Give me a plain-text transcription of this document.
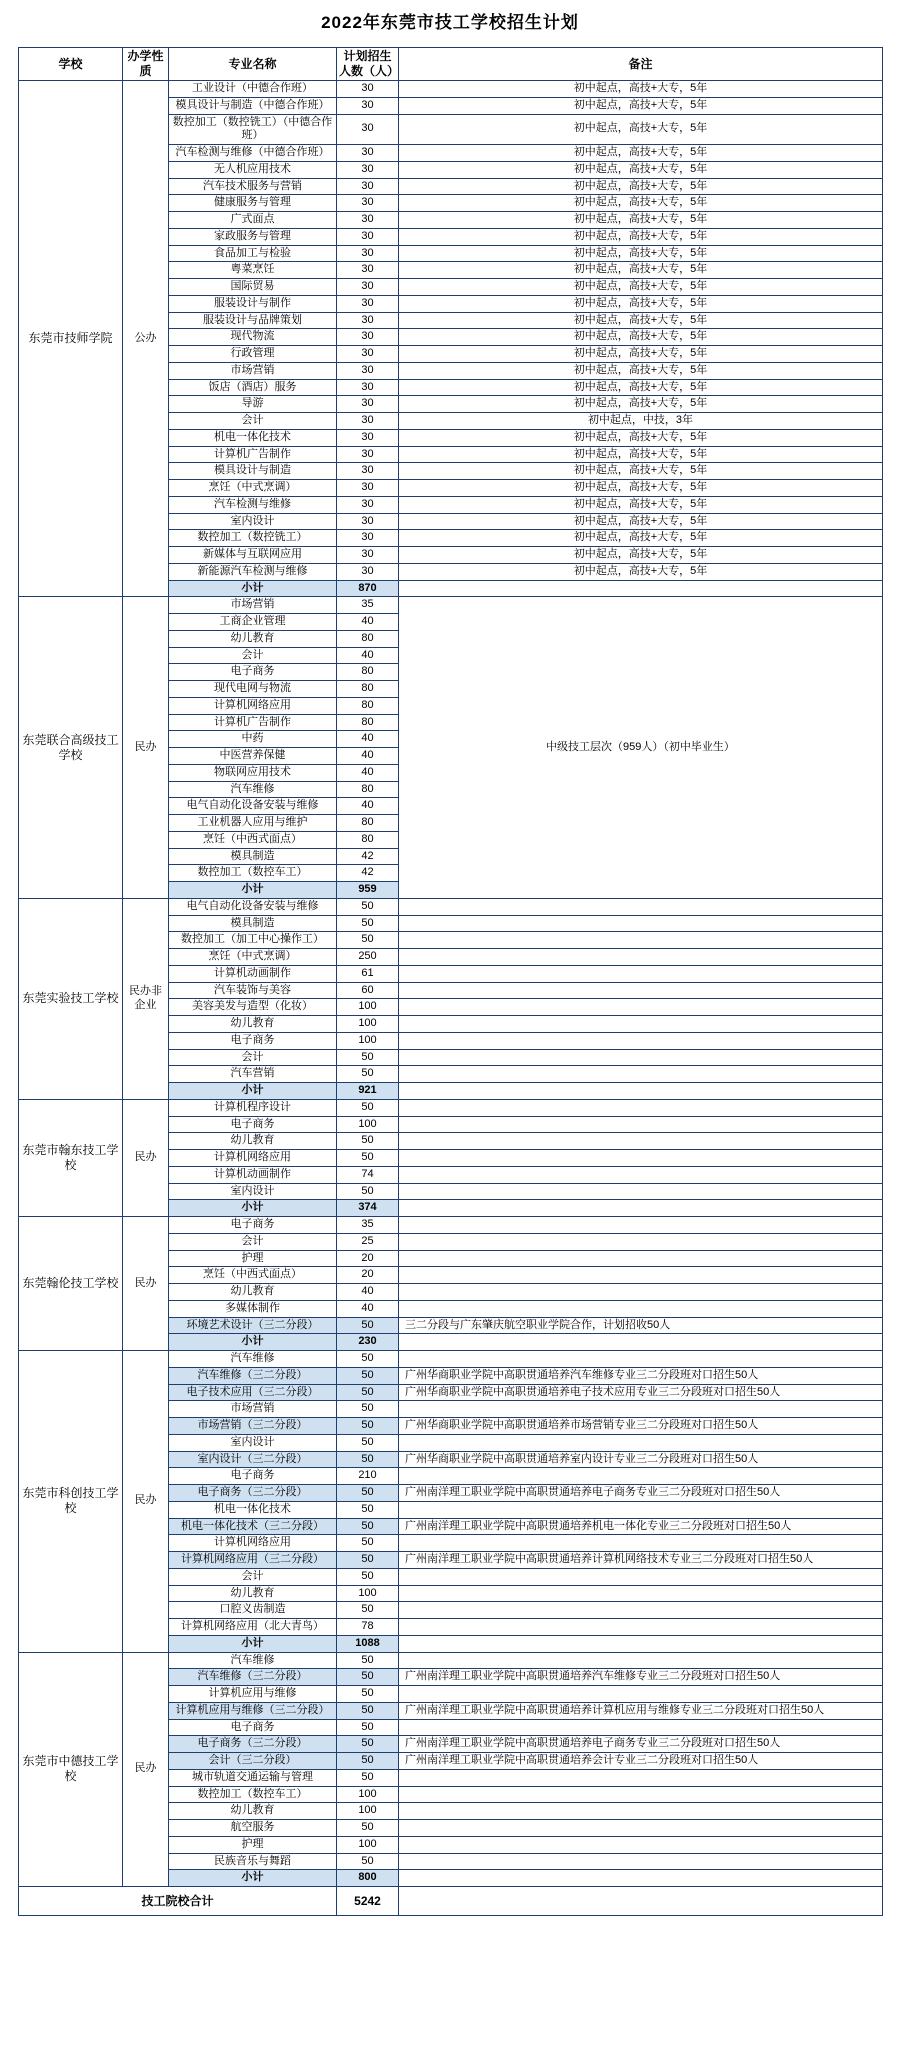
2022年东莞市技工学校招生计划
学校	办学性质	专业名称	计划招生人数（人）	备注
东莞市技师学院	公办	工业设计（中德合作班）	30	初中起点，高技+大专，5年
		模具设计与制造（中德合作班）	30	初中起点，高技+大专，5年
		数控加工（数控铣工）（中德合作班）	30	初中起点，高技+大专，5年
		汽车检测与维修（中德合作班）	30	初中起点，高技+大专，5年
		无人机应用技术	30	初中起点，高技+大专，5年
		汽车技术服务与营销	30	初中起点，高技+大专，5年
		健康服务与管理	30	初中起点，高技+大专，5年
		广式面点	30	初中起点，高技+大专，5年
		家政服务与管理	30	初中起点，高技+大专，5年
		食品加工与检验	30	初中起点，高技+大专，5年
		粤菜烹饪	30	初中起点，高技+大专，5年
		国际贸易	30	初中起点，高技+大专，5年
		服装设计与制作	30	初中起点，高技+大专，5年
		服装设计与品牌策划	30	初中起点，高技+大专，5年
		现代物流	30	初中起点，高技+大专，5年
		行政管理	30	初中起点，高技+大专，5年
		市场营销	30	初中起点，高技+大专，5年
		饭店（酒店）服务	30	初中起点，高技+大专，5年
		导游	30	初中起点，高技+大专，5年
		会计	30	初中起点，中技，3年
		机电一体化技术	30	初中起点，高技+大专，5年
		计算机广告制作	30	初中起点，高技+大专，5年
		模具设计与制造	30	初中起点，高技+大专，5年
		烹饪（中式烹调）	30	初中起点，高技+大专，5年
		汽车检测与维修	30	初中起点，高技+大专，5年
		室内设计	30	初中起点，高技+大专，5年
		数控加工（数控铣工）	30	初中起点，高技+大专，5年
		新媒体与互联网应用	30	初中起点，高技+大专，5年
		新能源汽车检测与维修	30	初中起点，高技+大专，5年
		小计	870	
东莞联合高级技工学校	民办	市场营销	35	中级技工层次（959人）（初中毕业生）
		工商企业管理	40	
		幼儿教育	80	
		会计	40	
		电子商务	80	
		现代电网与物流	80	
		计算机网络应用	80	
		计算机广告制作	80	
		中药	40	
		中医营养保健	40	
		物联网应用技术	40	
		汽车维修	80	
		电气自动化设备安装与维修	40	
		工业机器人应用与维护	80	
		烹饪（中西式面点）	80	
		模具制造	42	
		数控加工（数控车工）	42	
		小计	959	
东莞实验技工学校	民办非企业	电气自动化设备安装与维修	50	
		模具制造	50	
		数控加工（加工中心操作工）	50	
		烹饪（中式烹调）	250	
		计算机动画制作	61	
		汽车装饰与美容	60	
		美容美发与造型（化妆）	100	
		幼儿教育	100	
		电子商务	100	
		会计	50	
		汽车营销	50	
		小计	921	
东莞市翰东技工学校	民办	计算机程序设计	50	
		电子商务	100	
		幼儿教育	50	
		计算机网络应用	50	
		计算机动画制作	74	
		室内设计	50	
		小计	374	
东莞翰伦技工学校	民办	电子商务	35	
		会计	25	
		护理	20	
		烹饪（中西式面点）	20	
		幼儿教育	40	
		多媒体制作	40	
		环境艺术设计（三二分段）	50	三二分段与广东肇庆航空职业学院合作，计划招收50人
		小计	230	
东莞市科创技工学校	民办	汽车维修	50	
		汽车维修（三二分段）	50	广州华商职业学院中高职贯通培养汽车维修专业三二分段班对口招生50人
		电子技术应用（三二分段）	50	广州华商职业学院中高职贯通培养电子技术应用专业三二分段班对口招生50人
		市场营销	50	
		市场营销（三二分段）	50	广州华商职业学院中高职贯通培养市场营销专业三二分段班对口招生50人
		室内设计	50	
		室内设计（三二分段）	50	广州华商职业学院中高职贯通培养室内设计专业三二分段班对口招生50人
		电子商务	210	
		电子商务（三二分段）	50	广州南洋理工职业学院中高职贯通培养电子商务专业三二分段班对口招生50人
		机电一体化技术	50	
		机电一体化技术（三二分段）	50	广州南洋理工职业学院中高职贯通培养机电一体化专业三二分段班对口招生50人
		计算机网络应用	50	
		计算机网络应用（三二分段）	50	广州南洋理工职业学院中高职贯通培养计算机网络技术专业三二分段班对口招生50人
		会计	50	
		幼儿教育	100	
		口腔义齿制造	50	
		计算机网络应用（北大青鸟）	78	
		小计	1088	
东莞市中德技工学校	民办	汽车维修	50	
		汽车维修（三二分段）	50	广州南洋理工职业学院中高职贯通培养汽车维修专业三二分段班对口招生50人
		计算机应用与维修	50	
		计算机应用与维修（三二分段）	50	广州南洋理工职业学院中高职贯通培养计算机应用与维修专业三二分段班对口招生50人
		电子商务	50	
		电子商务（三二分段）	50	广州南洋理工职业学院中高职贯通培养电子商务专业三二分段班对口招生50人
		会计（三二分段）	50	广州南洋理工职业学院中高职贯通培养会计专业三二分段班对口招生50人
		城市轨道交通运输与管理	50	
		数控加工（数控车工）	100	
		幼儿教育	100	
		航空服务	50	
		护理	100	
		民族音乐与舞蹈	50	
		小计	800	
技工院校合计			5242	
